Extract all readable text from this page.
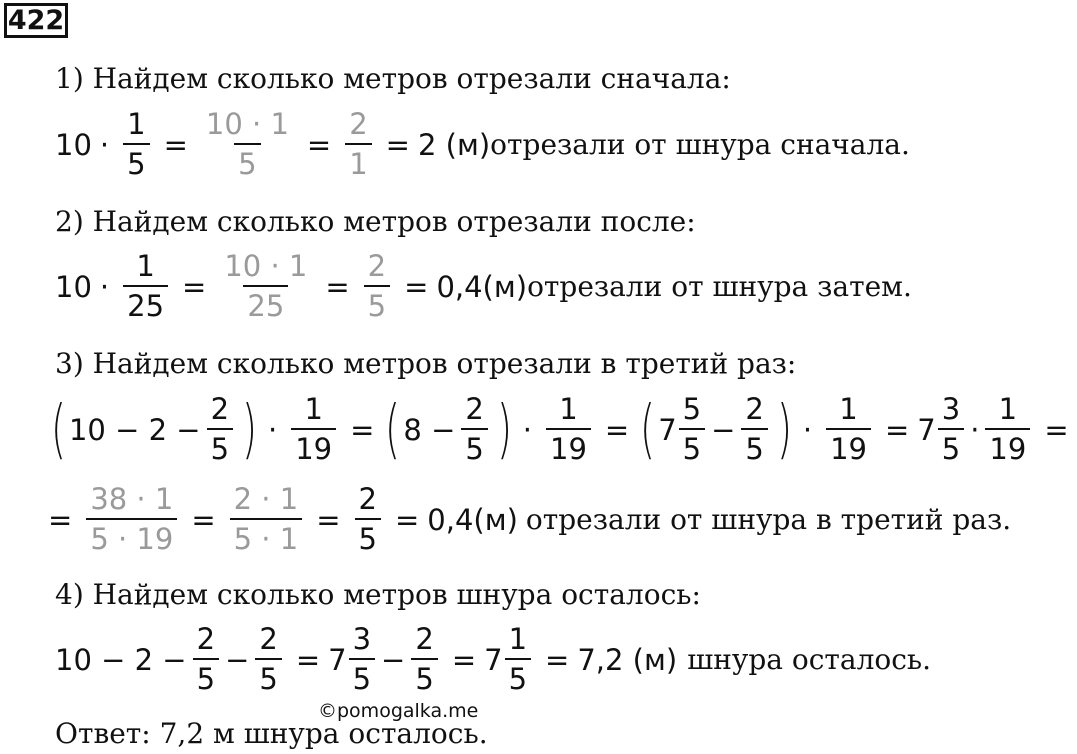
422
1) Найдем сколько метров отрезали сначала:
$10 \cdot \frac{1}{5} = \frac{10 \cdot 1}{5} = \frac{2}{1} = 2$ (м) отрезали от шнура сначала.
2) Найдем сколько метров отрезали после:
$10 \cdot \frac{1}{25} = \frac{10 \cdot 1}{25} = \frac{2}{5} = 0,4(м)$ отрезали от шнура затем.
3) Найдем сколько метров отрезали в третий раз:
( $10 - 2 - \frac{2}{5}$ ) · $\frac{1}{19}$ = ( $8 - \frac{2}{5}$ ) · $\frac{1}{19}$ = ( $7 \frac{5}{5} - \frac{2}{5}$ ) · $\frac{1}{19} = 7 \frac{3}{5} \cdot \frac{1}{19}$ =
= $\frac{38 \cdot 1}{5 \cdot 19} = \frac{2 \cdot 1}{5 \cdot 1} = \frac{2}{5} = 0,4(м)$ отрезали от шнура в третий раз.
4) Найдем сколько метров шнура осталось:
$10 - 2 - \frac{2}{5} - \frac{2}{5} = 7 \frac{3}{5} - \frac{2}{5} = 7 \frac{1}{5} = 7,2$ (м) шнура осталось.
Ответ: 7,2 м шнура осталось.
©pomogalka.me
